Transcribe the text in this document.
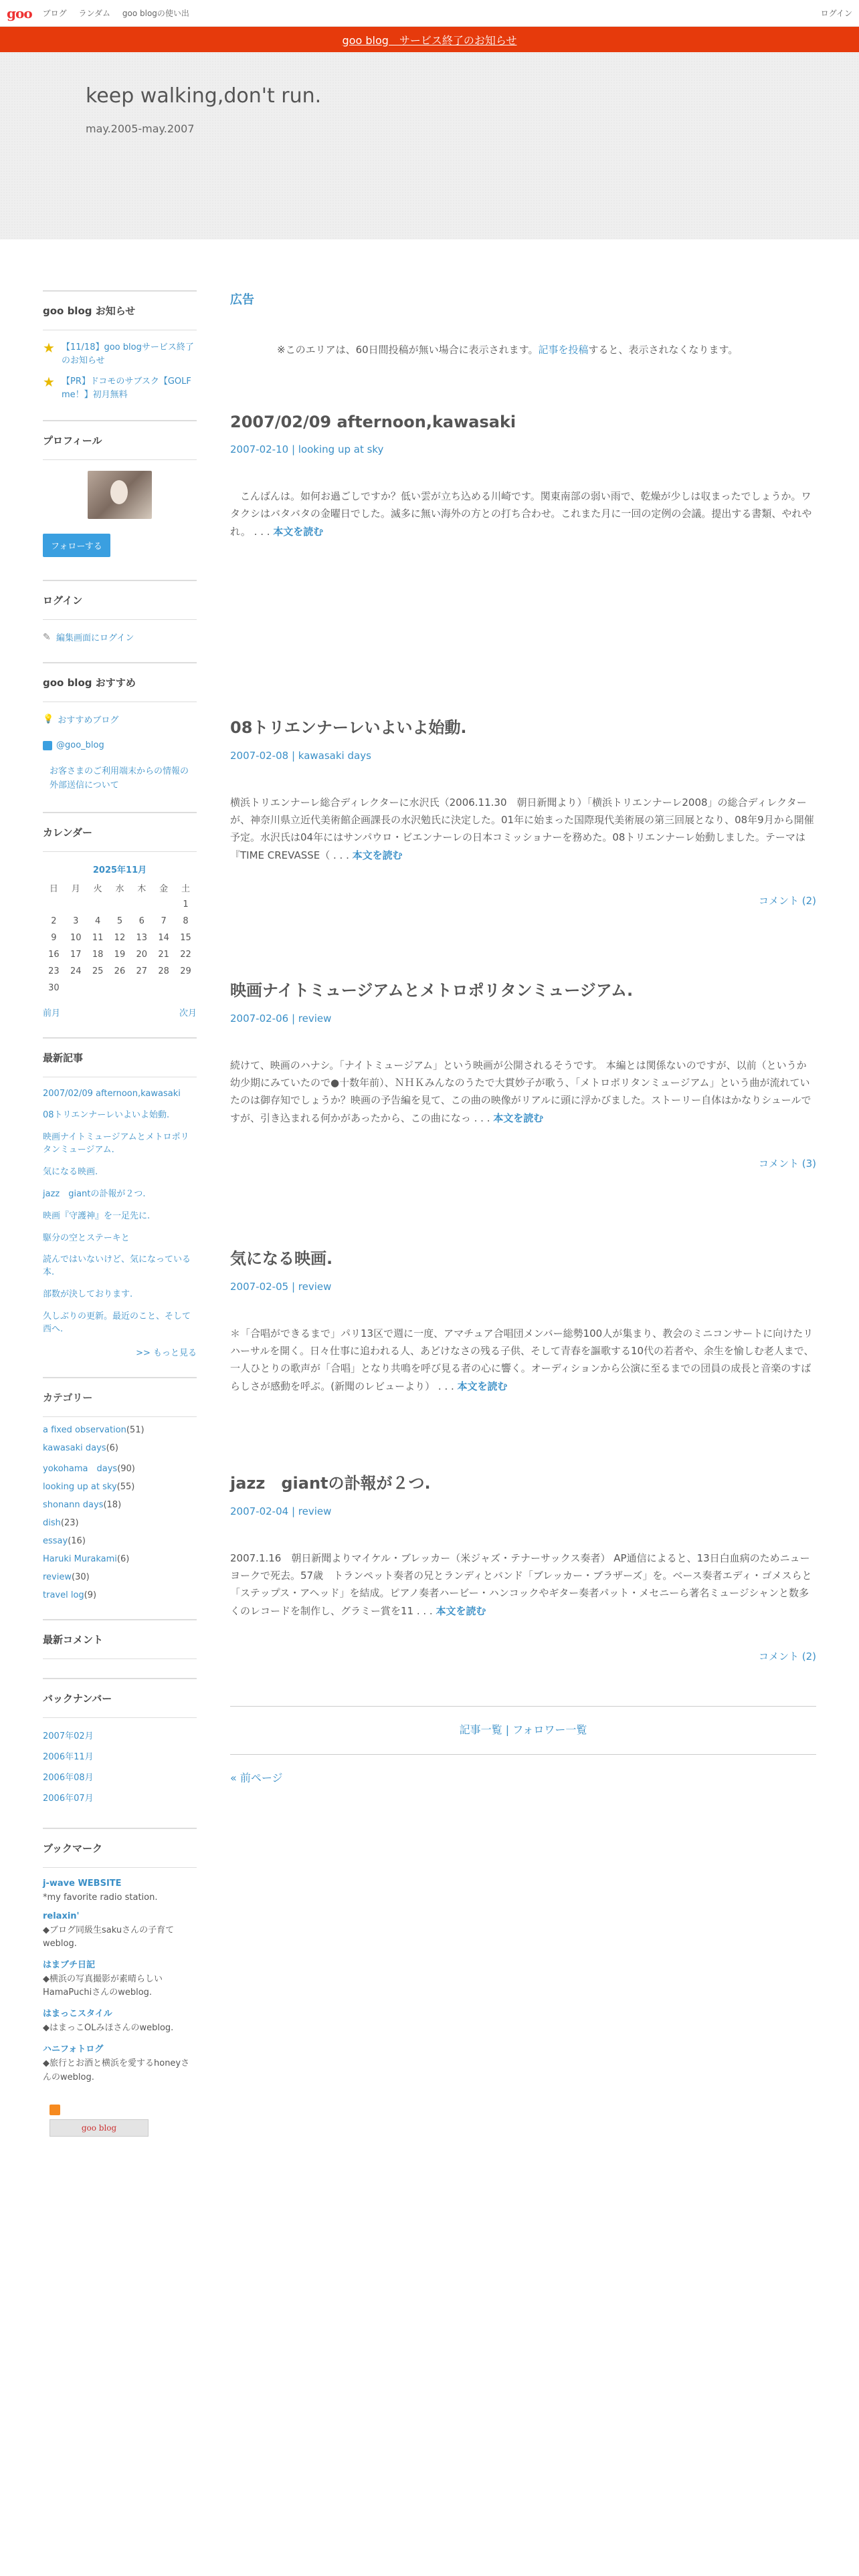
goo ブログ ランダム goo blogの使い出	ログイン
goo blog　サービス終了のお知らせ
keep walking,don't run.
may.2005-may.2007
goo blog お知らせ
★ 【11/18】goo blogサービス終了のお知らせ
★ 【PR】ドコモのサブスク【GOLF me！】初月無料
プロフィール
フォローする
ログイン
✎ 編集画面にログイン
goo blog おすすめ
💡 おすすめブログ
@goo_blog
お客さまのご利用端末からの情報の外部送信について
カレンダー
2025年11月
日	月	火	水	木	金	土
						1
2	3	4	5	6	7	8
9	10	11	12	13	14	15
16	17	18	19	20	21	22
23	24	25	26	27	28	29
30						
前月	次月
最新記事
2007/02/09 afternoon,kawasaki
08トリエンナーレいよいよ始動.
映画ナイトミュージアムとメトロポリタンミュージアム.
気になる映画.
jazz　giantの訃報が２つ.
映画『守護神』を一足先に.
駆分の空とステーキと
読んではいないけど、気になっている本.
部数が決しております.
久しぶりの更新。最近のこと、そして西へ.
>> もっと見る
カテゴリー
a fixed observation(51)
kawasaki days(6)
yokohama　days(90)
looking up at sky(55)
shonann days(18)
dish(23)
essay(16)
Haruki Murakami(6)
review(30)
travel log(9)
最新コメント
バックナンバー
2007年02月
2006年11月
2006年08月
2006年07月
ブックマーク
j-wave WEBSITE
*my favorite radio station.
relaxin'
◆ブログ同級生sakuさんの子育てweblog.
はまブチ日記
◆横浜の写真撮影が素晴らしいHamaPuchiさんのweblog.
はまっこスタイル
◆はまっこOLみほさんのweblog.
ハニフォトログ
◆旅行とお酒と横浜を愛するhoneyさんのweblog.
goo blog
広告
※このエリアは、60日間投稿が無い場合に表示されます。記事を投稿すると、表示されなくなります。
2007/02/09 afternoon,kawasaki
2007-02-10 | looking up at sky
　こんばんは。如何お過ごしですか？低い雲が立ち込める川崎です。関東南部の弱い雨で、乾燥が少しは収まったでしょうか。ワタクシはバタバタの金曜日でした。滅多に無い海外の方との打ち合わせ。これまた月に一回の定例の会議。提出する書類、やれやれ。 . . . 本文を読む
08トリエンナーレいよいよ始動.
2007-02-08 | kawasaki days
横浜トリエンナーレ総合ディレクターに水沢氏（2006.11.30　朝日新聞より）「横浜トリエンナーレ2008」の総合ディレクターが、神奈川県立近代美術館企画課長の水沢勉氏に決定した。01年に始まった国際現代美術展の第三回展となり、08年9月から開催予定。水沢氏は04年にはサンパウロ・ビエンナーレの日本コミッショナーを務めた。08トリエンナーレ始動しました。テーマは『TIME CREVASSE（ . . . 本文を読む
コメント (2)
映画ナイトミュージアムとメトロポリタンミュージアム.
2007-02-06 | review
続けて、映画のハナシ。「ナイトミュージアム」という映画が公開されるそうです。 本編とは関係ないのですが、以前（というか幼少期にみていたので●十数年前）、ＮＨＫみんなのうたで大貫妙子が歌う、「メトロポリタンミュージアム」という曲が流れていたのは御存知でしょうか？映画の予告編を見て、この曲の映像がリアルに頭に浮かびました。ストーリー自体はかなりシュールですが、引き込まれる何かがあったから、この曲になっ . . . 本文を読む
コメント (3)
気になる映画.
2007-02-05 | review
＊「合唱ができるまで」パリ13区で週に一度、アマチュア合唱団メンバー総勢100人が集まり、教会のミニコンサートに向けたリハーサルを開く。日々仕事に追われる人、あどけなさの残る子供、そして青春を謳歌する10代の若者や、余生を愉しむ老人まで、一人ひとりの歌声が「合唱」となり共鳴を呼び見る者の心に響く。オーディションから公演に至るまでの団員の成長と音楽のすばらしさが感動を呼ぶ。(新聞のレビューより） . . . 本文を読む
jazz　giantの訃報が２つ.
2007-02-04 | review
2007.1.16　朝日新聞よりマイケル・ブレッカー（米ジャズ・テナーサックス奏者） AP通信によると、13日白血病のためニューヨークで死去。57歳　トランペット奏者の兄とランディとバンド「ブレッカー・ブラザーズ」を。ベース奏者エディ・ゴメスらと「ステップス・アヘッド」を結成。ピアノ奏者ハービー・ハンコックやギター奏者パット・メセニーら著名ミュージシャンと数多くのレコードを制作し、グラミー賞を11 . . . 本文を読む
コメント (2)
記事一覧 | フォロワー一覧
« 前ページ
